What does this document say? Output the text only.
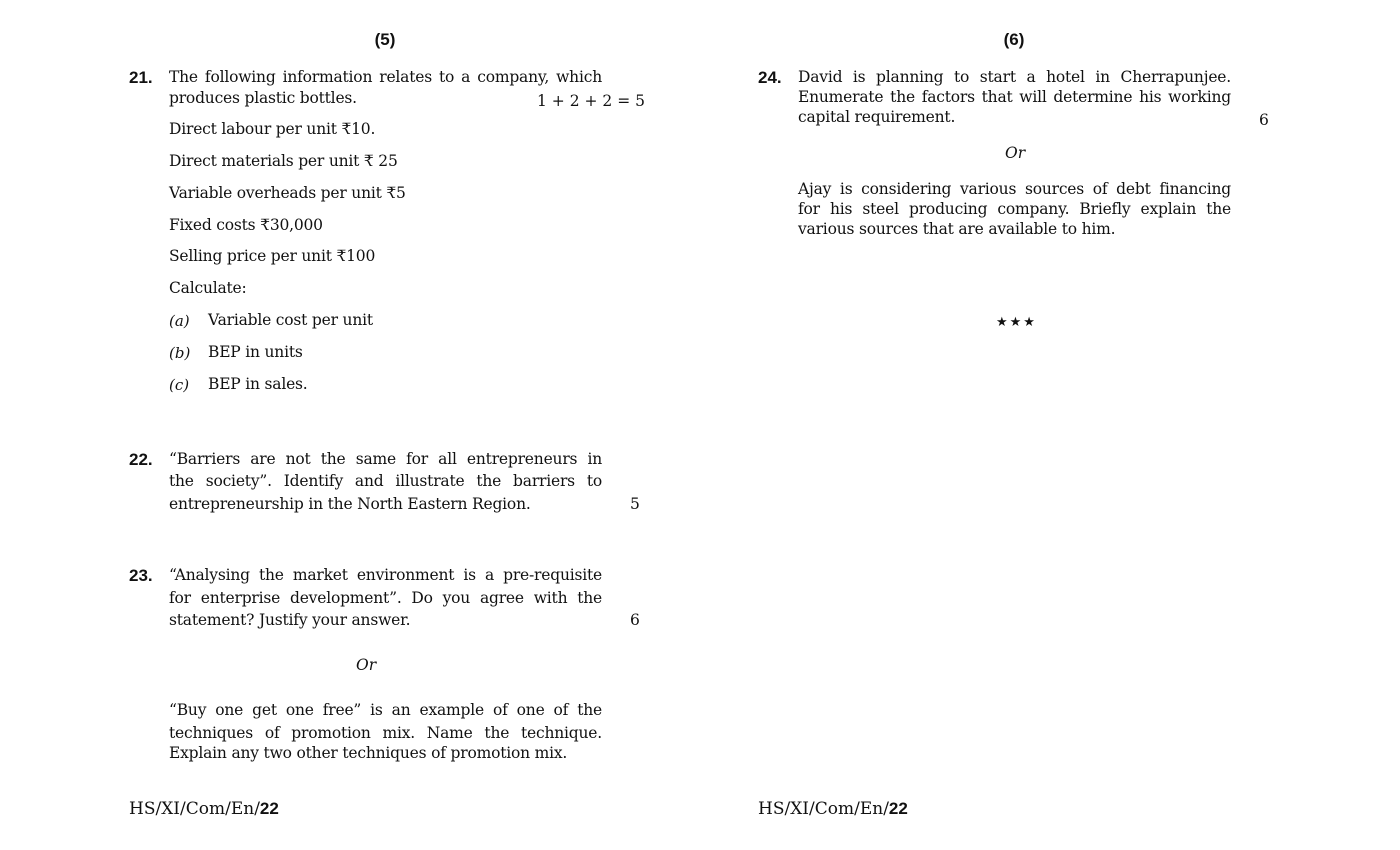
(5)
21. The following information relates to a company, which
produces plastic bottles.	1 + 2 + 2 = 5
Direct labour per unit ₹10.
Direct materials per unit ₹ 25
Variable overheads per unit ₹5
Fixed costs ₹30,000
Selling price per unit ₹100
Calculate:
(a) Variable cost per unit
(b) BEP in units
(c) BEP in sales.
22. “Barriers are not the same for all entrepreneurs in
the society”. Identify and illustrate the barriers to
entrepreneurship in the North Eastern Region.	5
23. “Analysing the market environment is a pre-requisite
for enterprise development”. Do you agree with the
statement? Justify your answer.	6
Or
“Buy one get one free” is an example of one of the
techniques of promotion mix. Name the technique.
Explain any two other techniques of promotion mix.
HS/XI/Com/En/22
(6)
24. David is planning to start a hotel in Cherrapunjee.
Enumerate the factors that will determine his working
capital requirement.	6
Or
Ajay is considering various sources of debt financing
for his steel producing company. Briefly explain the
various sources that are available to him.
★★★
HS/XI/Com/En/22
